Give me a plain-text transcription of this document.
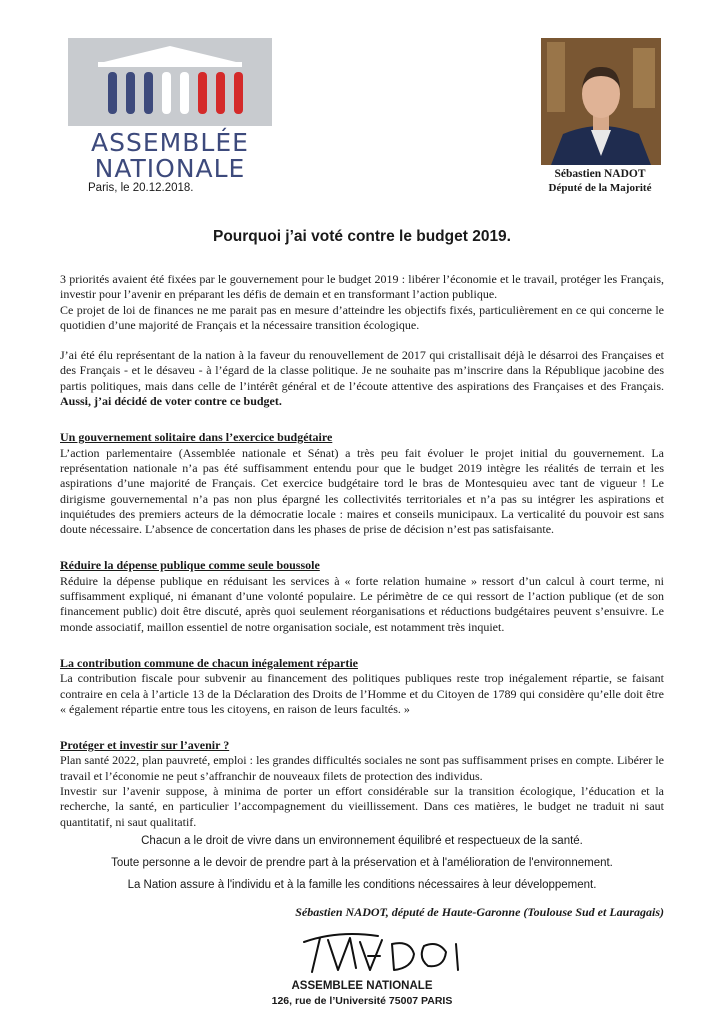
ASSEMBLÉE
NATIONALE
Paris, le 20.12.2018.
Sébastien NADOT
Député de la Majorité
Pourquoi j’ai voté contre le budget 2019.

3 priorités avaient été fixées par le gouvernement pour le budget 2019 : libérer l’économie et le travail, protéger les Français, investir pour l’avenir en préparant les défis de demain et en transformant l’action publique.

Ce projet de loi de finances ne me parait pas en mesure d’atteindre les objectifs fixés, particulièrement en ce qui concerne le quotidien d’une majorité de Français et la nécessaire transition écologique.

J’ai été élu représentant de la nation à la faveur du renouvellement de 2017 qui cristallisait déjà le désarroi des Françaises et des Français - et le désaveu - à l’égard de la classe politique. Je ne souhaite pas m’inscrire dans la République jacobine des partis politiques, mais dans celle de l’intérêt général et de l’écoute attentive des aspirations des Françaises et des Français. Aussi, j’ai décidé de voter contre ce budget.

Un gouvernement solitaire dans l’exercice budgétaire

L’action parlementaire (Assemblée nationale et Sénat) a très peu fait évoluer le projet initial du gouvernement. La représentation nationale n’a pas été suffisamment entendu pour que le budget 2019 intègre les réalités de terrain et les aspirations d’une majorité de Français. Cet exercice budgétaire tord le bras de Montesquieu avec tant de vigueur ! Le dirigisme gouvernemental n’a pas non plus épargné les collectivités territoriales et n’a pas su intégrer les aspirations et inquiétudes des premiers acteurs de la démocratie locale : maires et conseils municipaux. La verticalité du pouvoir est sans doute nécessaire. L’absence de concertation dans les phases de prise de décision n’est pas satisfaisante.

Réduire la dépense publique comme seule boussole

Réduire la dépense publique en réduisant les services à « forte relation humaine » ressort d’un calcul à court terme, ni suffisamment expliqué, ni émanant d’une volonté populaire. Le périmètre de ce qui ressort de l’action publique (et de son financement public) doit être discuté, après quoi seulement réorganisations et réductions budgétaires peuvent s’ensuivre. Le monde associatif, maillon essentiel de notre organisation sociale, est notamment très inquiet.

La contribution commune de chacun inégalement répartie

La contribution fiscale pour subvenir au financement des politiques publiques reste trop inégalement répartie, se faisant contraire en cela à l’article 13 de la Déclaration des Droits de l’Homme et du Citoyen de 1789 qui considère qu’elle doit être « également répartie entre tous les citoyens, en raison de leurs facultés. »

Protéger et investir sur l’avenir ?

Plan santé 2022, plan pauvreté, emploi : les grandes difficultés sociales ne sont pas suffisamment prises en compte. Libérer le travail et l’économie ne peut s’affranchir de nouveaux filets de protection des individus.

Investir sur l’avenir suppose, à minima de porter un effort considérable sur la transition écologique, l’éducation et la recherche, la santé, en particulier l’accompagnement du vieillissement. Dans ces matières, le budget ne traduit ni saut quantitatif, ni saut qualitatif.

Chacun a le droit de vivre dans un environnement équilibré et respectueux de la santé.

Toute personne a le devoir de prendre part à la préservation et à l'amélioration de l'environnement.

La Nation assure à l'individu et à la famille les conditions nécessaires à leur développement.

Sébastien NADOT, député de Haute-Garonne (Toulouse Sud et Lauragais)
ASSEMBLEE NATIONALE
126, rue de l’Université 75007 PARIS
